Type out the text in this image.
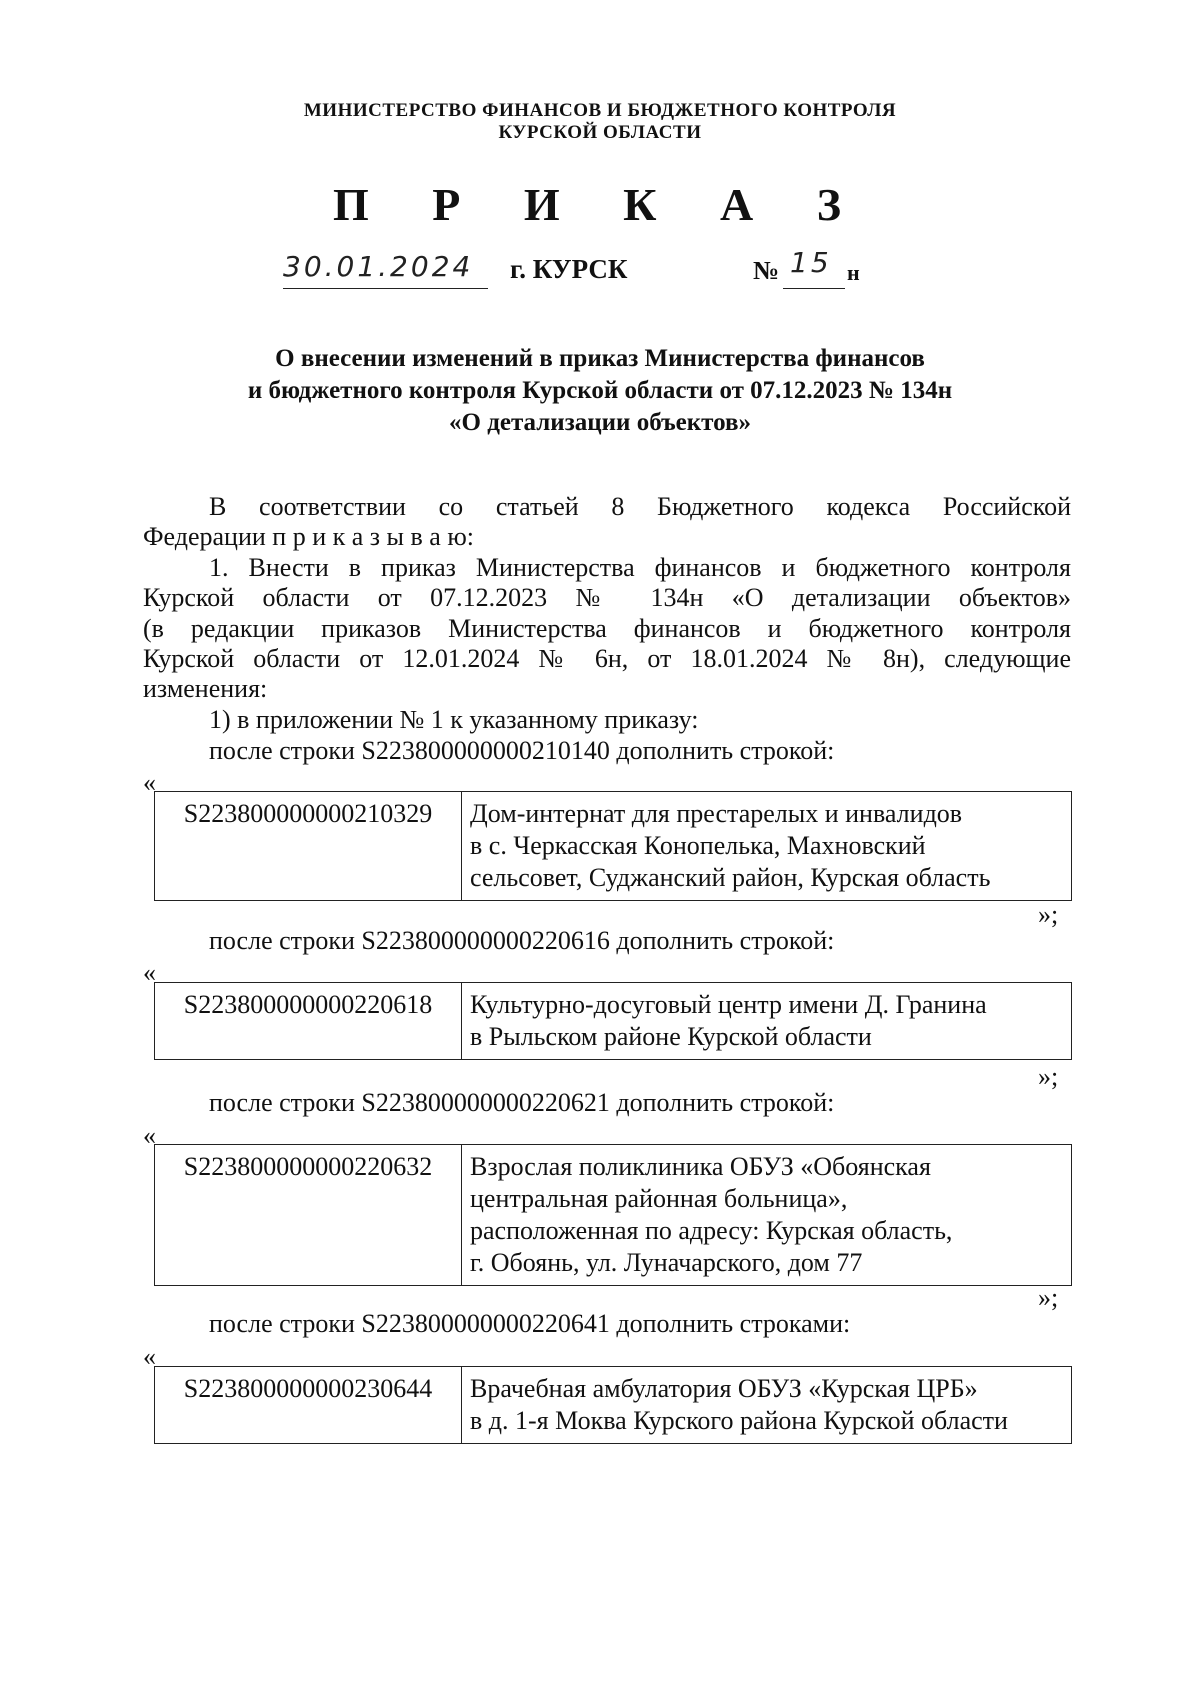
МИНИСТЕРСТВО ФИНАНСОВ И БЮДЖЕТНОГО КОНТРОЛЯ
КУРСКОЙ ОБЛАСТИ
П Р И К А З
30.01.2024 г. КУРСК	№ 15 н
О внесении изменений в приказ Министерства финансов
и бюджетного контроля Курской области от 07.12.2023 № 134н
«О детализации объектов»
В соответствии со статьей 8 Бюджетного кодекса Российской
Федерации п р и к а з ы в а ю:
1. Внести в приказ Министерства финансов и бюджетного контроля
Курской области от 07.12.2023 № 134н «О детализации объектов»
(в редакции приказов Министерства финансов и бюджетного контроля
Курской области от 12.01.2024 № 6н, от 18.01.2024 № 8н), следующие
изменения:
1) в приложении № 1 к указанному приказу:
после строки S223800000000210140 дополнить строкой:
«
S223800000000210329	Дом-интернат для престарелых и инвалидов
в с. Черкасская Конопелька, Махновский
сельсовет, Суджанский район, Курская область
»;
после строки S223800000000220616 дополнить строкой:
«
S223800000000220618	Культурно-досуговый центр имени Д. Гранина
в Рыльском районе Курской области
»;
после строки S223800000000220621 дополнить строкой:
«
S223800000000220632	Взрослая поликлиника ОБУЗ «Обоянская
центральная районная больница»,
расположенная по адресу: Курская область,
г. Обоянь, ул. Луначарского, дом 77
»;
после строки S223800000000220641 дополнить строками:
«
S223800000000230644	Врачебная амбулатория ОБУЗ «Курская ЦРБ»
в д. 1-я Моква Курского района Курской области
